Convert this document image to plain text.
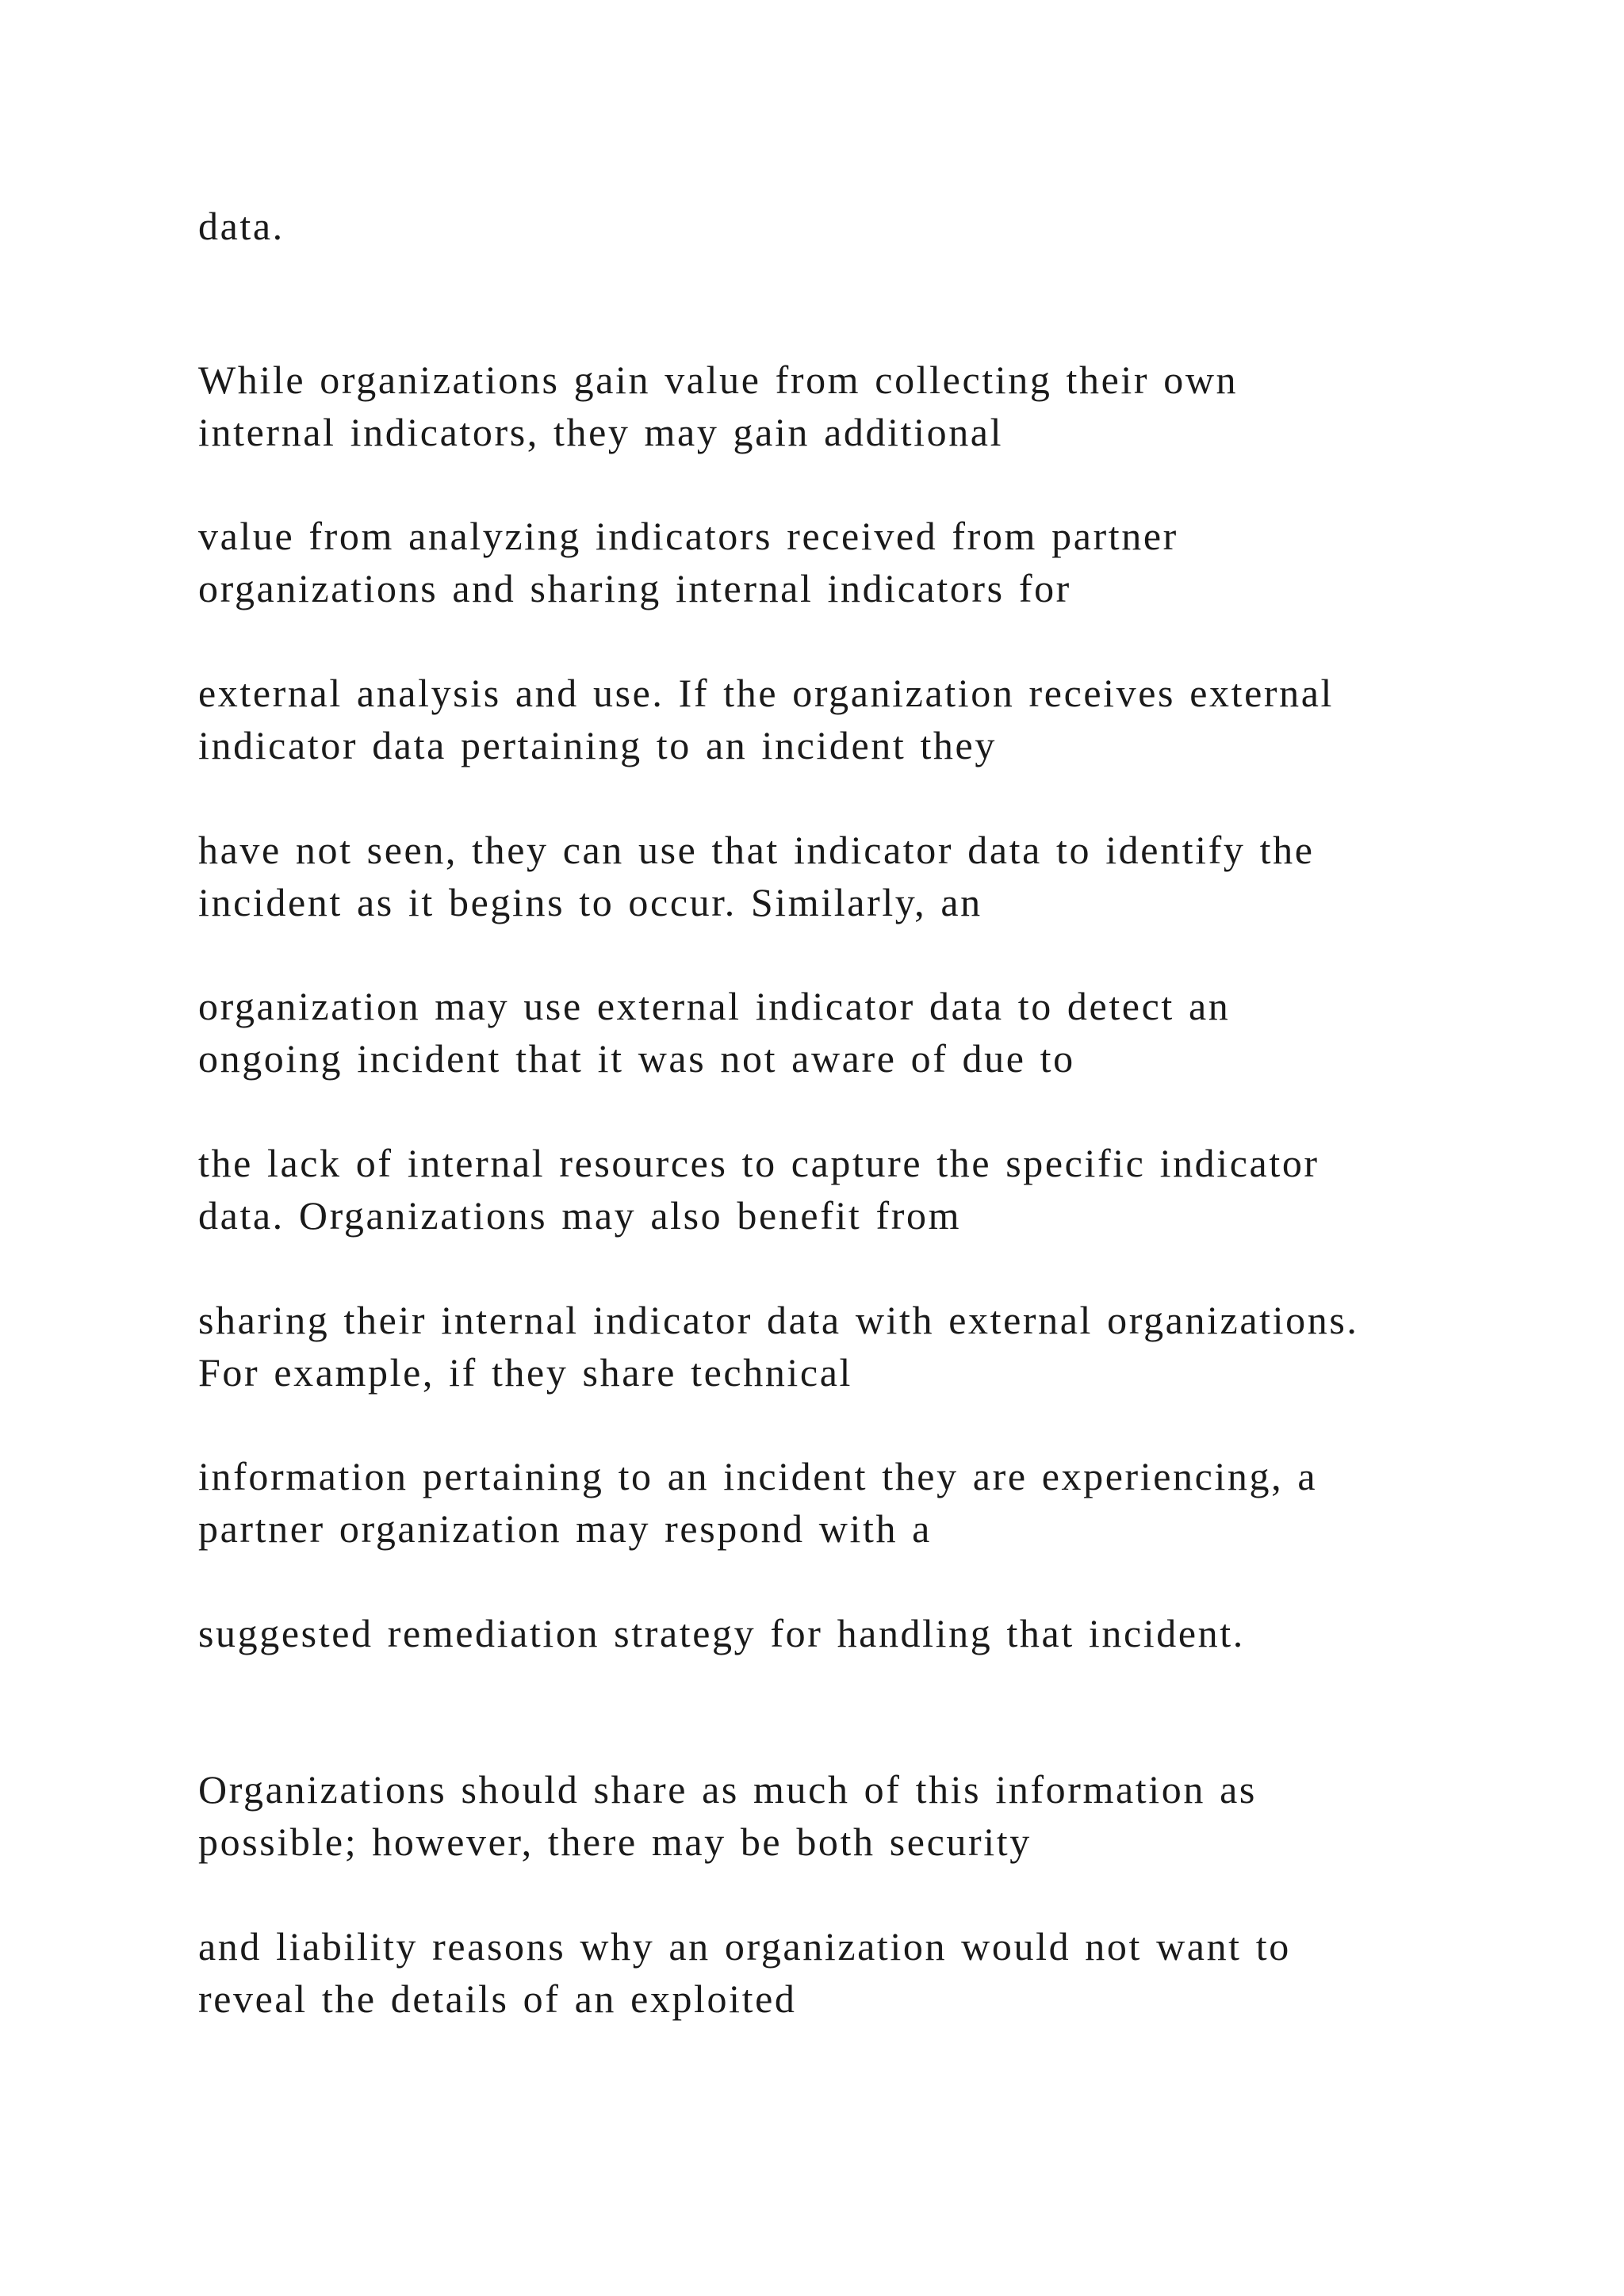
data.

While organizations gain value from collecting their own

internal indicators, they may gain additional

value from analyzing indicators received from partner

organizations and sharing internal indicators for

external analysis and use. If the organization receives external

indicator data pertaining to an incident they

have not seen, they can use that indicator data to identify the

incident as it begins to occur. Similarly, an

organization may use external indicator data to detect an

ongoing incident that it was not aware of due to

the lack of internal resources to capture the specific indicator

data. Organizations may also benefit from

sharing their internal indicator data with external organizations.

For example, if they share technical

information pertaining to an incident they are experiencing, a

partner organization may respond with a

suggested remediation strategy for handling that incident.

Organizations should share as much of this information as

possible; however, there may be both security

and liability reasons why an organization would not want to

reveal the details of an exploited
